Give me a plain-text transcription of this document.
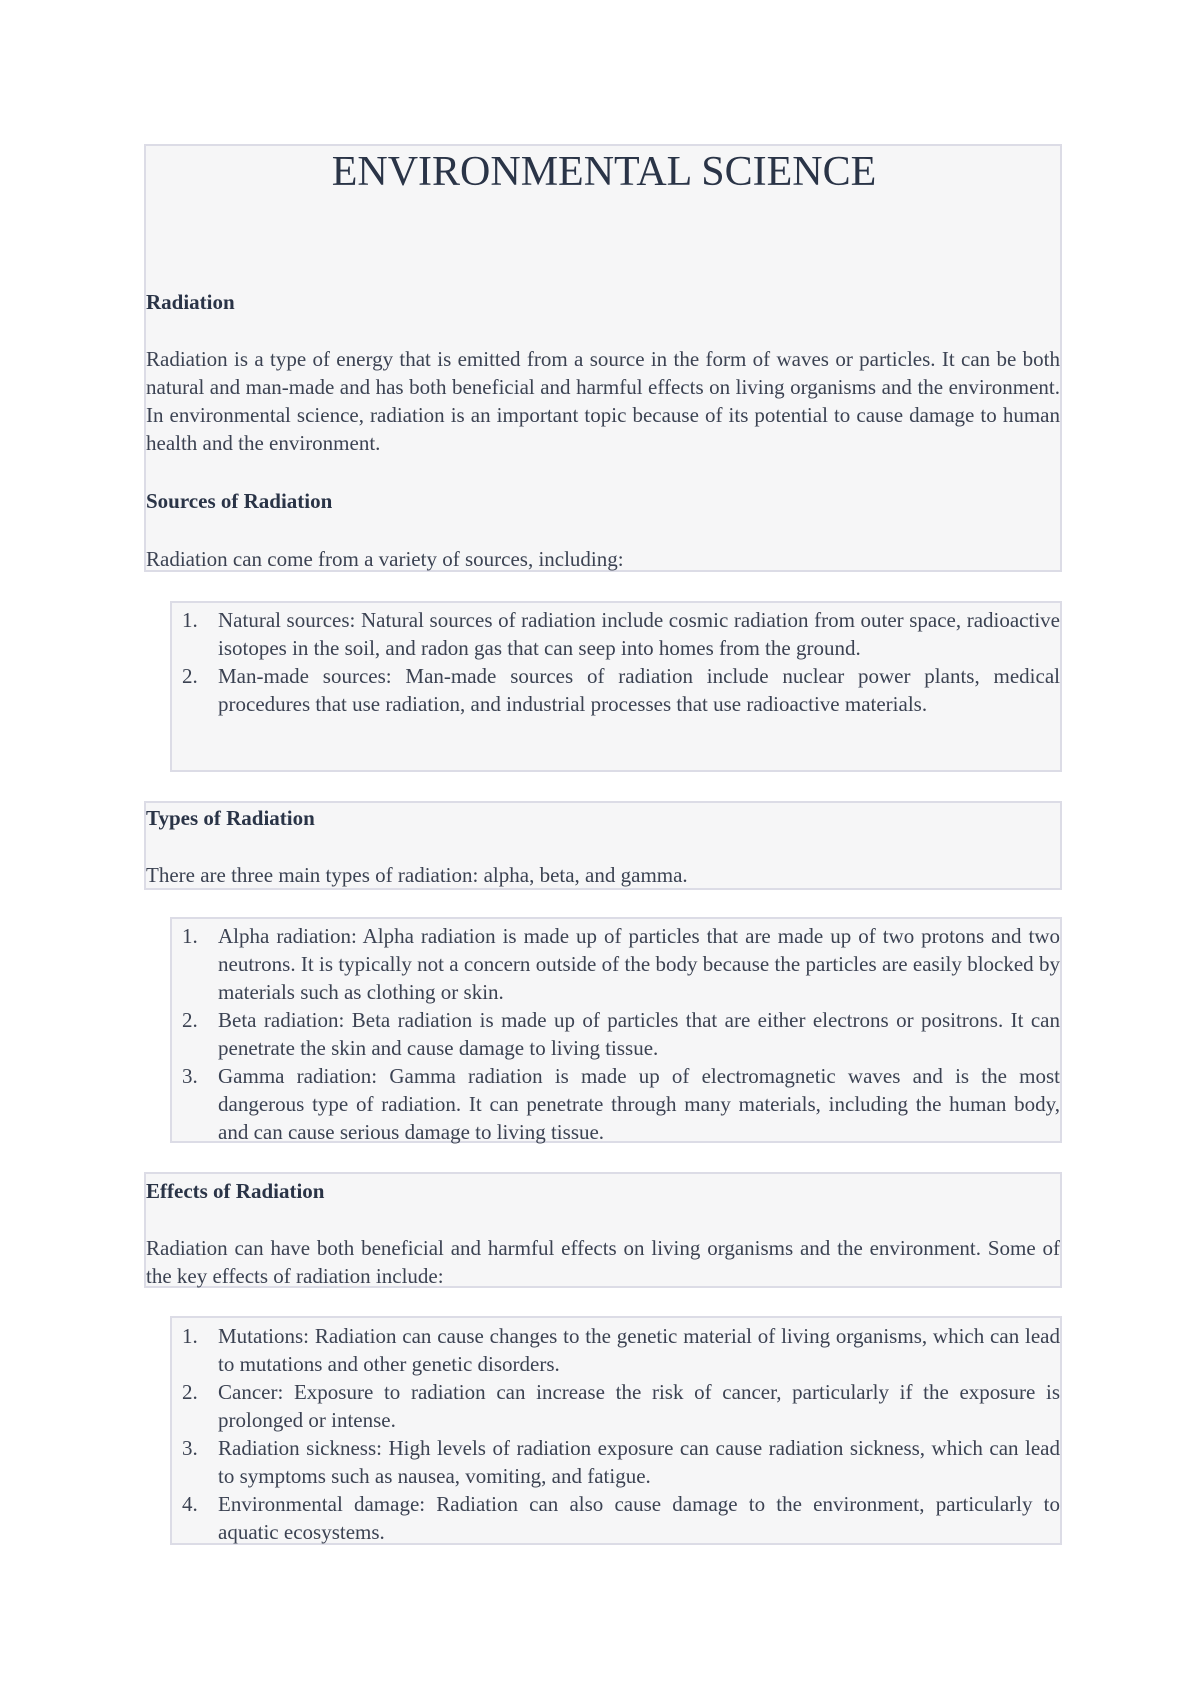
ENVIRONMENTAL SCIENCE
Radiation

Radiation is a type of energy that is emitted from a source in the form of waves or particles. It can be both natural and man-made and has both beneficial and harmful effects on living organisms and the environment. In environmental science, radiation is an important topic because of its potential to cause damage to human health and the environment.

Sources of Radiation

Radiation can come from a variety of sources, including:

1. Natural sources: Natural sources of radiation include cosmic radiation from outer space, radioactive isotopes in the soil, and radon gas that can seep into homes from the ground.
2. Man-made sources: Man-made sources of radiation include nuclear power plants, medical procedures that use radiation, and industrial processes that use radioactive materials.
Types of Radiation

There are three main types of radiation: alpha, beta, and gamma.

1. Alpha radiation: Alpha radiation is made up of particles that are made up of two protons and two neutrons. It is typically not a concern outside of the body because the particles are easily blocked by materials such as clothing or skin.
2. Beta radiation: Beta radiation is made up of particles that are either electrons or positrons. It can penetrate the skin and cause damage to living tissue.
3. Gamma radiation: Gamma radiation is made up of electromagnetic waves and is the most dangerous type of radiation. It can penetrate through many materials, including the human body, and can cause serious damage to living tissue.
Effects of Radiation

Radiation can have both beneficial and harmful effects on living organisms and the environment. Some of the key effects of radiation include:

1. Mutations: Radiation can cause changes to the genetic material of living organisms, which can lead to mutations and other genetic disorders.
2. Cancer: Exposure to radiation can increase the risk of cancer, particularly if the exposure is prolonged or intense.
3. Radiation sickness: High levels of radiation exposure can cause radiation sickness, which can lead to symptoms such as nausea, vomiting, and fatigue.
4. Environmental damage: Radiation can also cause damage to the environment, particularly to aquatic ecosystems.
